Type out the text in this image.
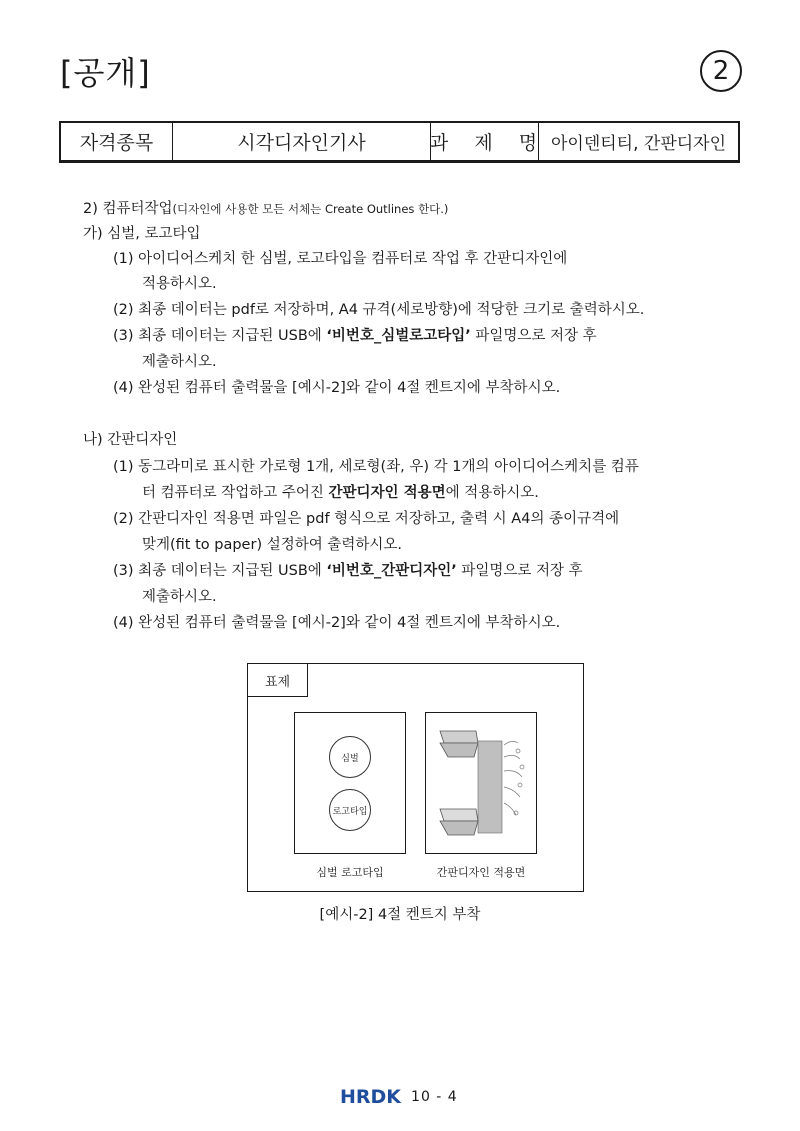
[공개]	2
자격종목	시각디자인기사	과 제 명 아이덴티티, 간판디자인
2) 컴퓨터작업(디자인에 사용한 모든 서체는 Create Outlines 한다.)
가) 심벌, 로고타입
(1) 아이디어스케치 한 심벌, 로고타입을 컴퓨터로 작업 후 간판디자인에
적용하시오.
(2) 최종 데이터는 pdf로 저장하며, A4 규격(세로방향)에 적당한 크기로 출력하시오.
(3) 최종 데이터는 지급된 USB에 ‘비번호_심벌로고타입’ 파일명으로 저장 후
제출하시오.
(4) 완성된 컴퓨터 출력물을 [예시-2]와 같이 4절 켄트지에 부착하시오.
나) 간판디자인
(1) 동그라미로 표시한 가로형 1개, 세로형(좌, 우) 각 1개의 아이디어스케치를 컴퓨
터 컴퓨터로 작업하고 주어진 간판디자인 적용면에 적용하시오.
(2) 간판디자인 적용면 파일은 pdf 형식으로 저장하고, 출력 시 A4의 종이규격에
맞게(fit to paper) 설정하여 출력하시오.
(3) 최종 데이터는 지급된 USB에 ‘비번호_간판디자인’ 파일명으로 저장 후
제출하시오.
(4) 완성된 컴퓨터 출력물을 [예시-2]와 같이 4절 켄트지에 부착하시오.
표제
심벌
로고타입
심벌 로고타입	간판디자인 적용면
[예시-2] 4절 켄트지 부착
HRDK 10 - 4
